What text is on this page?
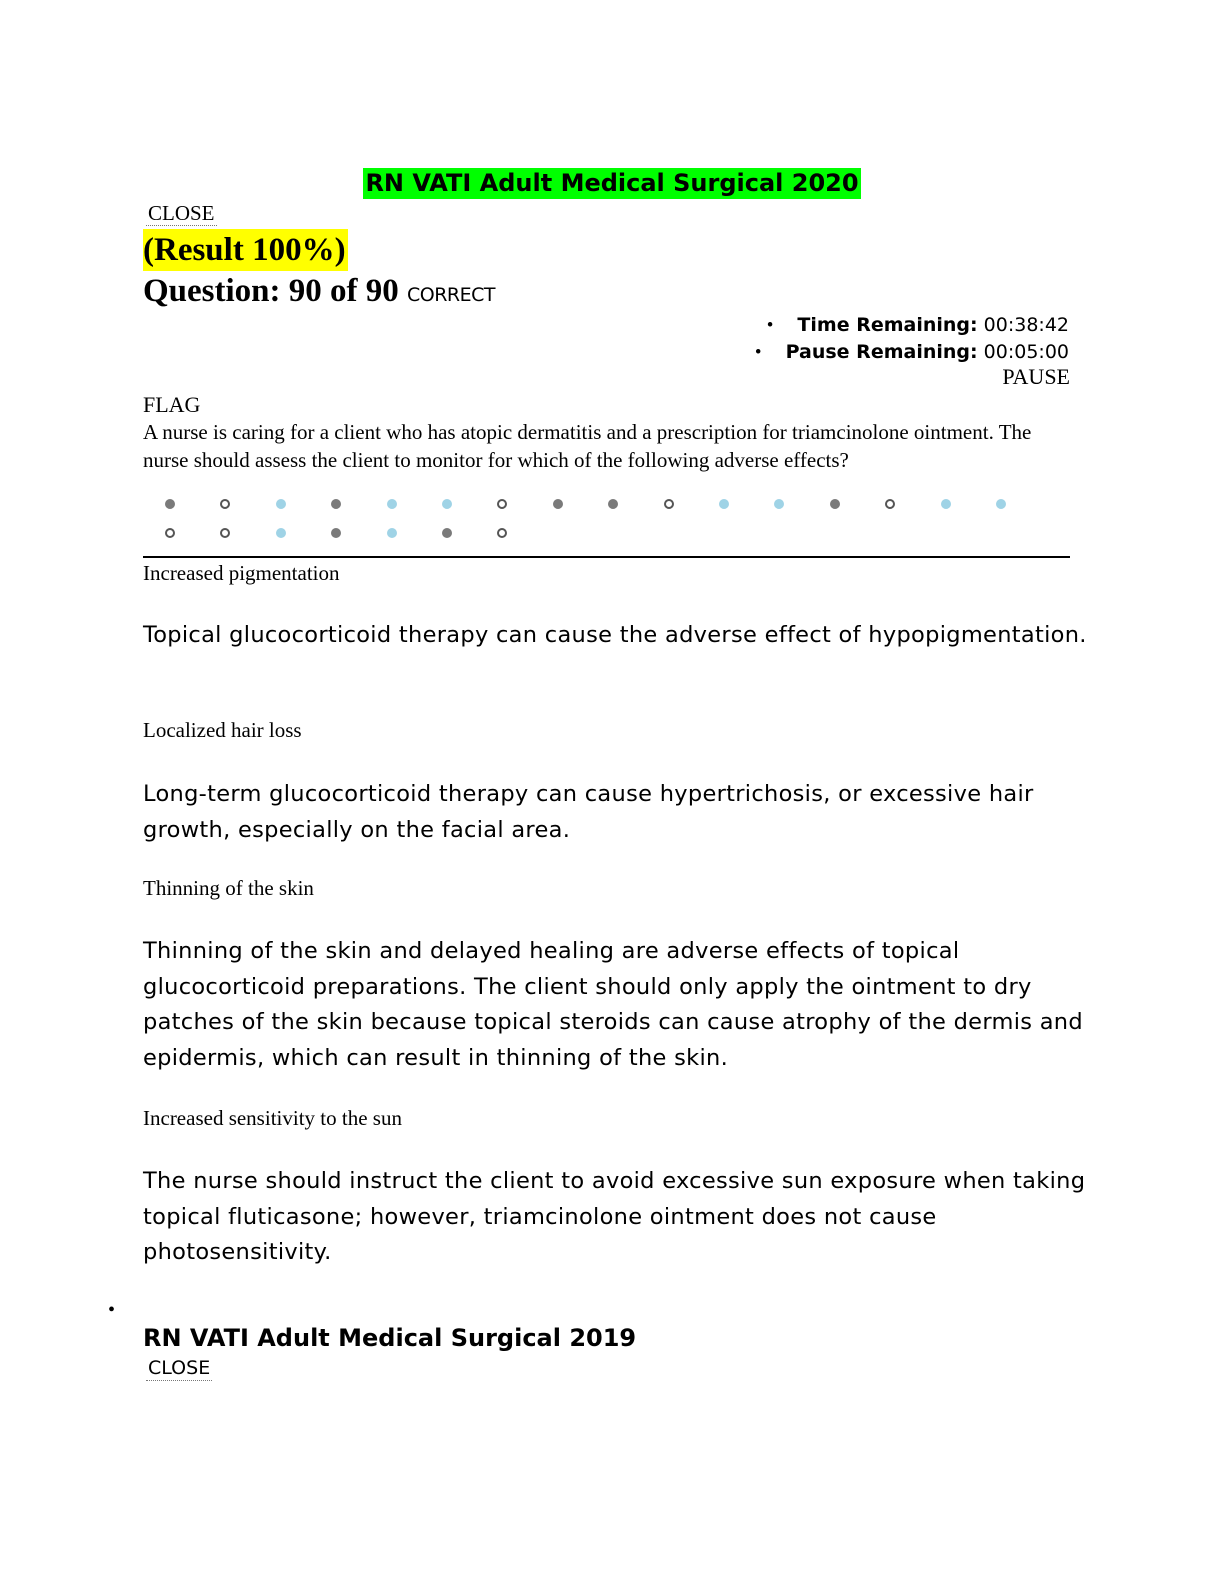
RN VATI Adult Medical Surgical 2020
CLOSE
(Result 100%)
Question: 90 of 90 CORRECT
• Time Remaining: 00:38:42
• Pause Remaining: 00:05:00
PAUSE
FLAG
A nurse is caring for a client who has atopic dermatitis and a prescription for triamcinolone ointment. The nurse should assess the client to monitor for which of the following adverse effects?
Increased pigmentation
Topical glucocorticoid therapy can cause the adverse effect of hypopigmentation.
Localized hair loss
Long-term glucocorticoid therapy can cause hypertrichosis, or excessive hair growth, especially on the facial area.
Thinning of the skin
Thinning of the skin and delayed healing are adverse effects of topical glucocorticoid preparations. The client should only apply the ointment to dry patches of the skin because topical steroids can cause atrophy of the dermis and epidermis, which can result in thinning of the skin.
Increased sensitivity to the sun
The nurse should instruct the client to avoid excessive sun exposure when taking topical fluticasone; however, triamcinolone ointment does not cause photosensitivity.
•
RN VATI Adult Medical Surgical 2019
CLOSE
